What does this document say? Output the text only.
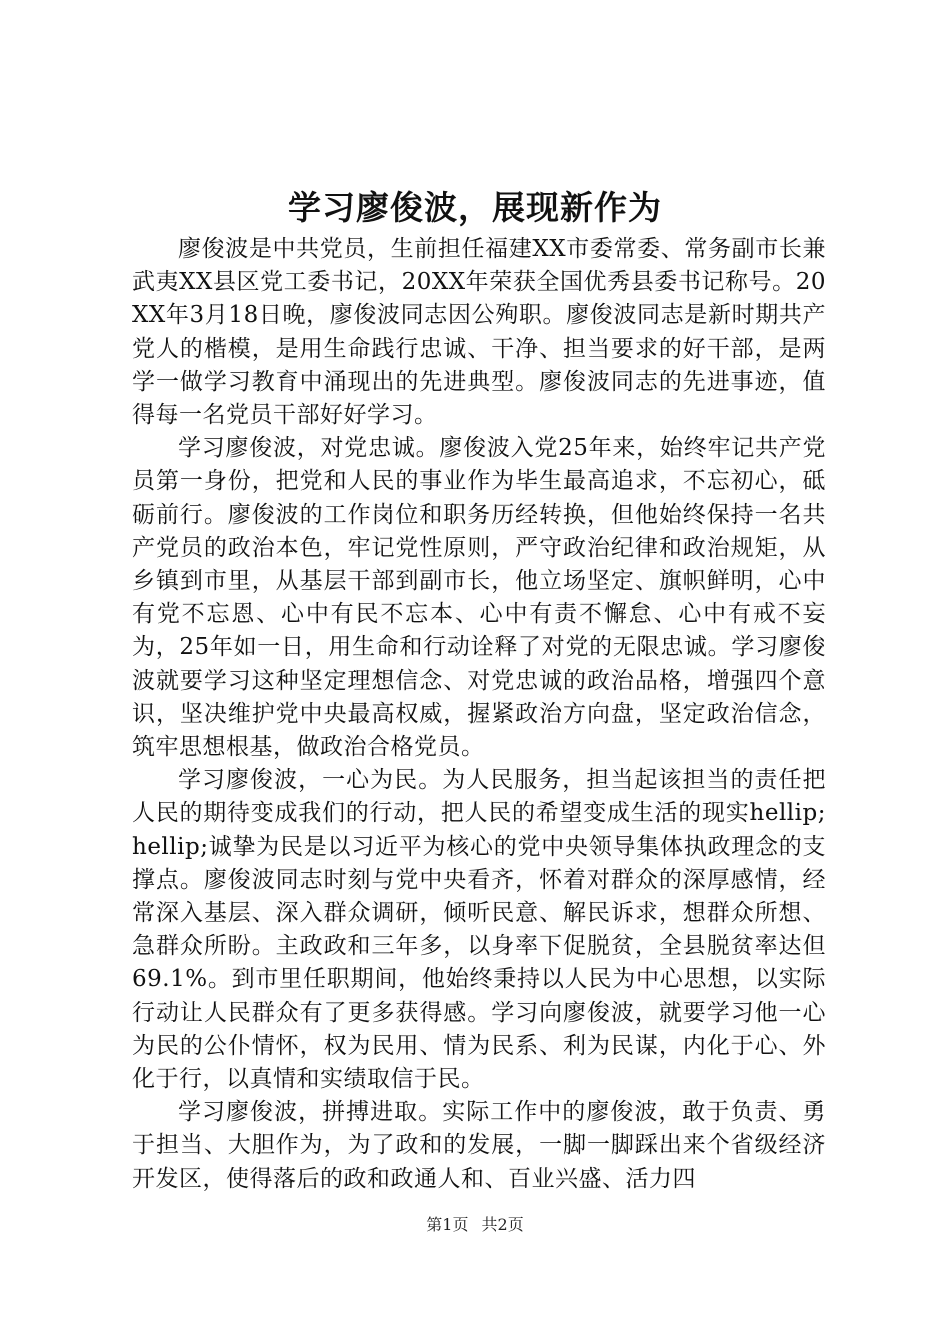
学习廖俊波，展现新作为

廖俊波是中共党员，生前担任福建XX市委常委、常务副市长兼武夷XX县区党工委书记，20XX年荣获全国优秀县委书记称号。20XX年3月18日晚，廖俊波同志因公殉职。廖俊波同志是新时期共产党人的楷模，是用生命践行忠诚、干净、担当要求的好干部，是两学一做学习教育中涌现出的先进典型。廖俊波同志的先进事迹，值得每一名党员干部好好学习。

学习廖俊波，对党忠诚。廖俊波入党25年来，始终牢记共产党员第一身份，把党和人民的事业作为毕生最高追求，不忘初心，砥砺前行。廖俊波的工作岗位和职务历经转换，但他始终保持一名共产党员的政治本色，牢记党性原则，严守政治纪律和政治规矩，从乡镇到市里，从基层干部到副市长，他立场坚定、旗帜鲜明，心中有党不忘恩、心中有民不忘本、心中有责不懈怠、心中有戒不妄为，25年如一日，用生命和行动诠释了对党的无限忠诚。学习廖俊波就要学习这种坚定理想信念、对党忠诚的政治品格，增强四个意识，坚决维护党中央最高权威，握紧政治方向盘，坚定政治信念，筑牢思想根基，做政治合格党员。

学习廖俊波，一心为民。为人民服务，担当起该担当的责任把人民的期待变成我们的行动，把人民的希望变成生活的现实hellip;hellip;诚挚为民是以习近平为核心的党中央领导集体执政理念的支撑点。廖俊波同志时刻与党中央看齐，怀着对群众的深厚感情，经常深入基层、深入群众调研，倾听民意、解民诉求，想群众所想、急群众所盼。主政政和三年多，以身率下促脱贫，全县脱贫率达但69.1%。到市里任职期间，他始终秉持以人民为中心思想，以实际行动让人民群众有了更多获得感。学习向廖俊波，就要学习他一心为民的公仆情怀，权为民用、情为民系、利为民谋，内化于心、外化于行，以真情和实绩取信于民。

学习廖俊波，拼搏进取。实际工作中的廖俊波，敢于负责、勇于担当、大胆作为，为了政和的发展，一脚一脚踩出来个省级经济开发区，使得落后的政和政通人和、百业兴盛、活力四

第1页 共2页
